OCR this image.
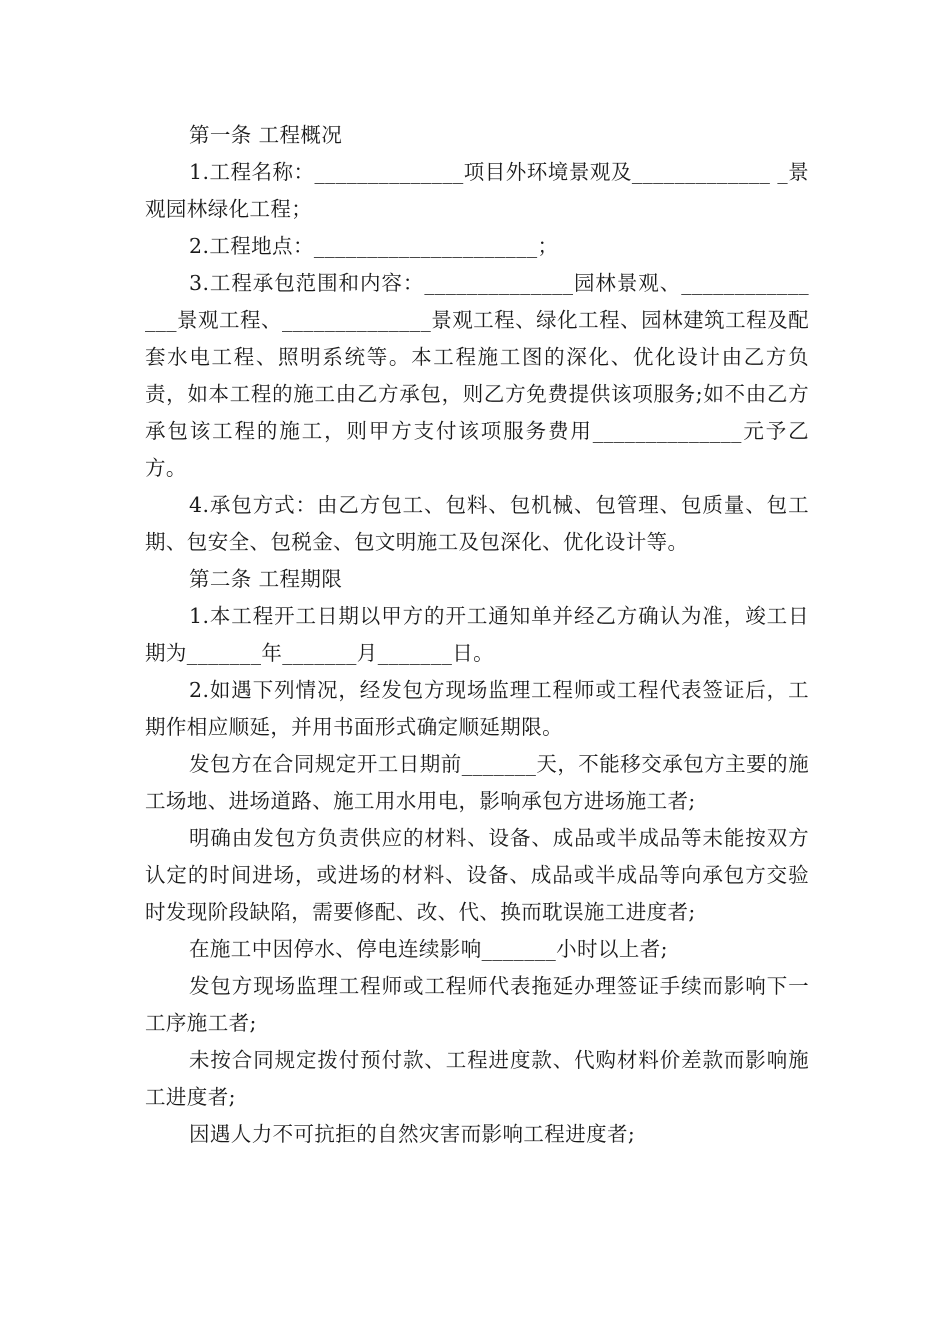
第一条 工程概况

1.工程名称：______________项目外环境景观及_____________ _景观园林绿化工程；

2.工程地点：_____________________；

3.工程承包范围和内容：______________园林景观、_______________景观工程、______________景观工程、绿化工程、园林建筑工程及配套水电工程、照明系统等。本工程施工图的深化、优化设计由乙方负责，如本工程的施工由乙方承包，则乙方免费提供该项服务;如不由乙方承包该工程的施工，则甲方支付该项服务费用______________元予乙方。

4.承包方式：由乙方包工、包料、包机械、包管理、包质量、包工期、包安全、包税金、包文明施工及包深化、优化设计等。

第二条 工程期限

1.本工程开工日期以甲方的开工通知单并经乙方确认为准，竣工日期为_______年_______月_______日。

2.如遇下列情况，经发包方现场监理工程师或工程代表签证后，工期作相应顺延，并用书面形式确定顺延期限。

发包方在合同规定开工日期前_______天，不能移交承包方主要的施工场地、进场道路、施工用水用电，影响承包方进场施工者;

明确由发包方负责供应的材料、设备、成品或半成品等未能按双方认定的时间进场，或进场的材料、设备、成品或半成品等向承包方交验时发现阶段缺陷，需要修配、改、代、换而耽误施工进度者;

在施工中因停水、停电连续影响_______小时以上者;

发包方现场监理工程师或工程师代表拖延办理签证手续而影响下一工序施工者;

未按合同规定拨付预付款、工程进度款、代购材料价差款而影响施工进度者;

因遇人力不可抗拒的自然灾害而影响工程进度者;
